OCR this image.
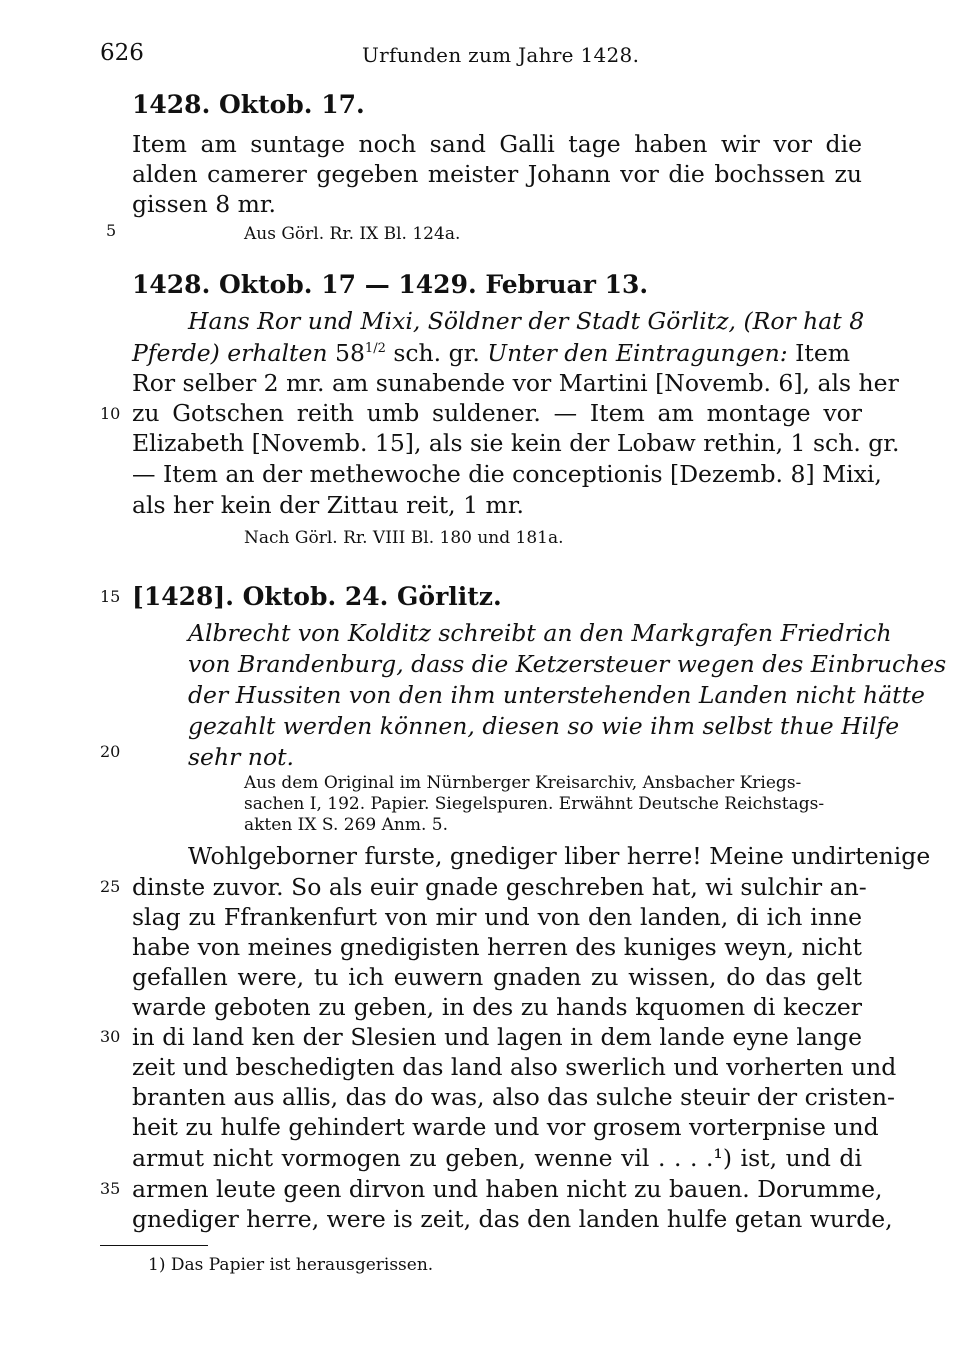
626	Urfunden zum Jahre 1428.
1428. Oktob. 17.
Item am suntage noch sand Galli tage haben wir vor die
alden camerer gegeben meister Johann vor die bochssen zu
gissen 8 mr.
Aus Görl. Rr. IX Bl. 124a.
1428. Oktob. 17 — 1429. Februar 13.
Hans Ror und Mixi, Söldner der Stadt Görlitz, (Ror hat 8
Pferde) erhalten $58^{1/2}$ sch. gr. Unter den Eintragungen: Item
Ror selber 2 mr. am sunabende vor Martini [Novemb. 6], als her
zu Gotschen reith umb suldener. — Item am montage vor
Elizabeth [Novemb. 15], als sie kein der Lobaw rethin, 1 sch. gr.
— Item an der methewoche die conceptionis [Dezemb. 8] Mixi,
als her kein der Zittau reit, 1 mr.
Nach Görl. Rr. VIII Bl. 180 und 181a.
[1428]. Oktob. 24. Görlitz.
Albrecht von Kolditz schreibt an den Markgrafen Friedrich
von Brandenburg, dass die Ketzersteuer wegen des Einbruches
der Hussiten von den ihm unterstehenden Landen nicht hätte
gezahlt werden können, diesen so wie ihm selbst thue Hilfe
sehr not.
Aus dem Original im Nürnberger Kreisarchiv, Ansbacher Kriegs-
sachen I, 192. Papier. Siegelspuren. Erwähnt Deutsche Reichstags-
akten IX S. 269 Anm. 5.
Wohlgeborner furste, gnediger liber herre! Meine undirtenige
dinste zuvor. So als euir gnade geschreben hat, wi sulchir an-
slag zu Ffrankenfurt von mir und von den landen, di ich inne
habe von meines gnedigisten herren des kuniges weyn, nicht
gefallen were, tu ich euwern gnaden zu wissen, do das gelt
warde geboten zu geben, in des zu hands kquomen di keczer
in di land ken der Slesien und lagen in dem lande eyne lange
zeit und beschedigten das land also swerlich und vorherten und
branten aus allis, das do was, also das sulche steuir der cristen-
heit zu hulfe gehindert warde und vor grosem vorterpnise und
armut nicht vormogen zu geben, wenne vil . . . .¹) ist, und di
armen leute geen dirvon und haben nicht zu bauen. Dorumme,
gnediger herre, were is zeit, das den landen hulfe getan wurde,
5
10
15
20
25
30
35
1) Das Papier ist herausgerissen.
